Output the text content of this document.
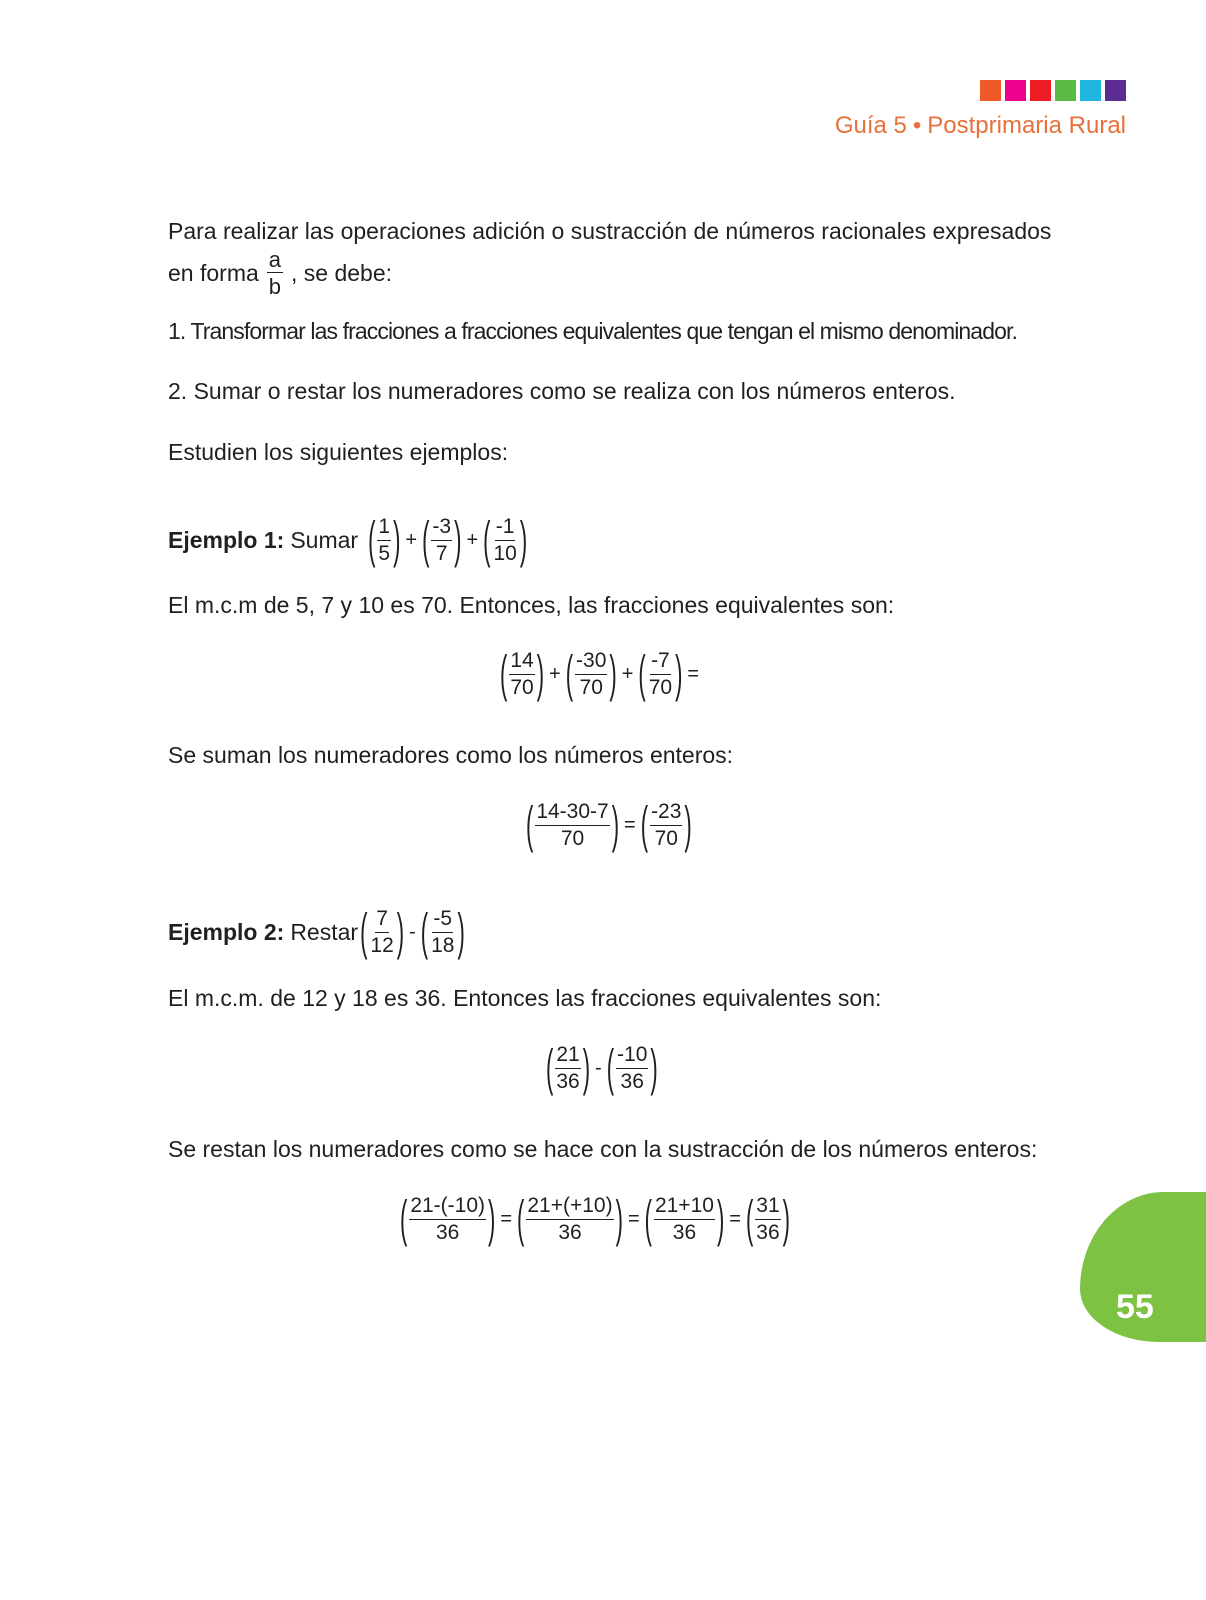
Guía 5 • Postprimaria Rural
Para realizar las operaciones adición o sustracción de números racionales expresados
en forma $\frac{a}{b}$ , se debe:
1. Transformar las fracciones a fracciones equivalentes que tengan el mismo denominador.
2. Sumar o restar los numeradores como se realiza con los números enteros.
Estudien los siguientes ejemplos:
Ejemplo 1: Sumar ( $\frac{1}{5}$ ) + ( $\frac{-3}{7}$ ) + ( $\frac{-1}{10}$ )
El m.c.m de 5, 7 y 10 es 70. Entonces, las fracciones equivalentes son:
( $\frac{14}{70}$ ) + ( $\frac{-30}{70}$ ) + ( $\frac{-7}{70}$ ) =
Se suman los numeradores como los números enteros:
( $\frac{14-30-7}{70}$ ) = ( $\frac{-23}{70}$ )
Ejemplo 2: Restar ( $\frac{7}{12}$ ) - ( $\frac{-5}{18}$ )
El m.c.m. de 12 y 18 es 36. Entonces las fracciones equivalentes son:
( $\frac{21}{36}$ ) - ( $\frac{-10}{36}$ )
Se restan los numeradores como se hace con la sustracción de los números enteros:
( $\frac{21-(-10)}{36}$ ) = ( $\frac{21+(+10)}{36}$ ) = ( $\frac{21+10}{36}$ ) = ( $\frac{31}{36}$ )
55
